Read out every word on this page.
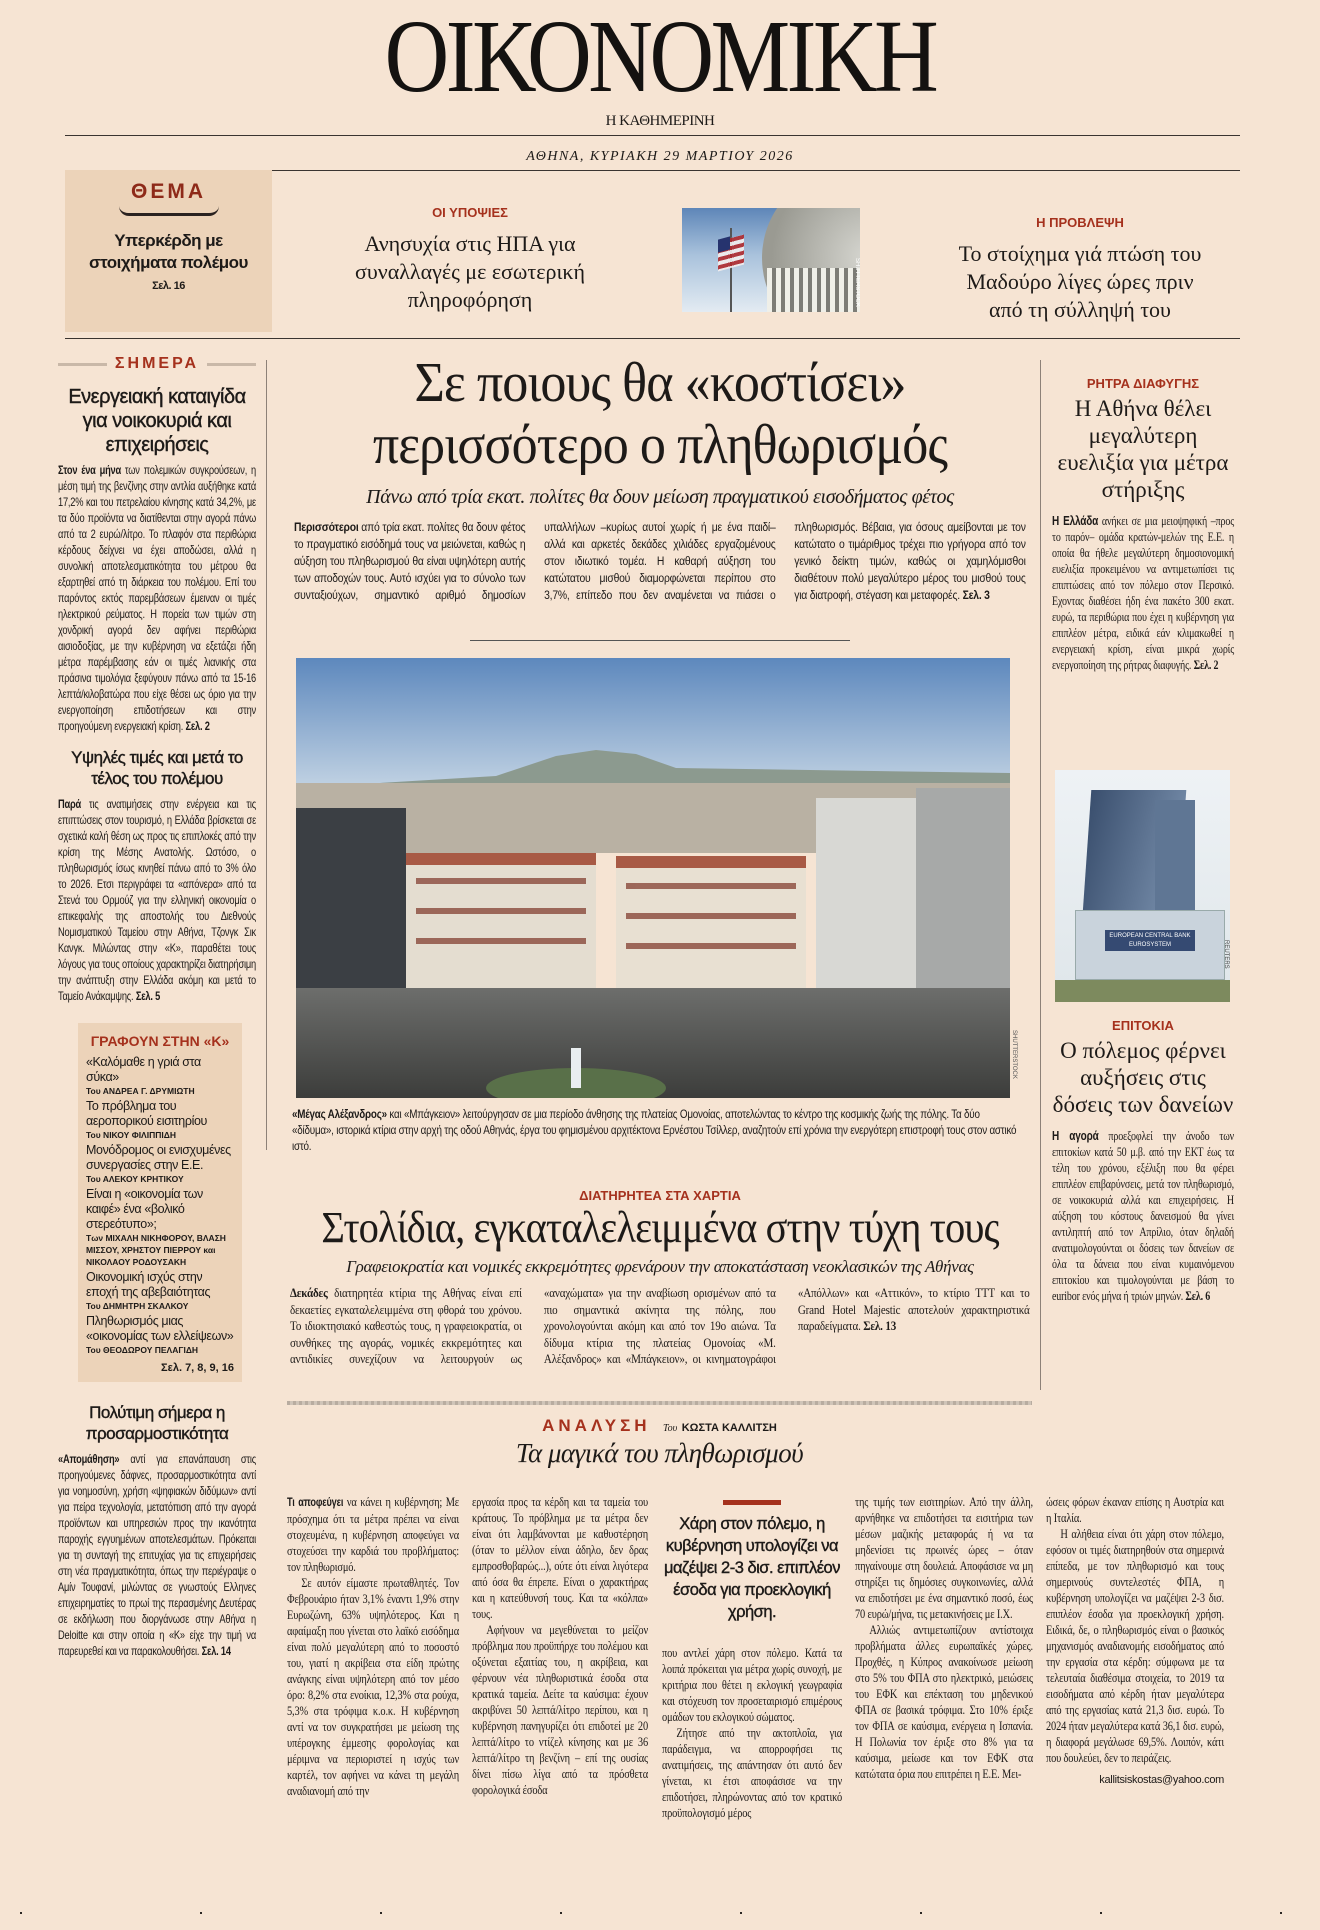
ΟΙΚΟΝΟΜΙΚΗ
Η ΚΑΘΗΜΕΡΙΝΗ
ΑΘΗΝΑ, ΚΥΡΙΑΚΗ 29 ΜΑΡΤΙΟΥ 2026
ΘΕΜΑ
Υπερκέρδη με στοιχήματα πολέμου
Σελ. 16
ΟΙ ΥΠΟΨΙΕΣ
Ανησυχία στις ΗΠΑ για συναλλαγές με εσωτερική πληροφόρηση	SHUTTERSTOCK
Η ΠΡΟΒΛΕΨΗ
Το στοίχημα γιά πτώση του Μαδούρο λίγες ώρες πριν από τη σύλληψή του
ΣΗΜΕΡΑ
Ενεργειακή καταιγίδα για νοικοκυριά και επιχειρήσεις
Στον ένα μήνα των πολεμικών συγκρούσεων, η μέση τιμή της βενζίνης στην αντλία αυξήθηκε κατά 17,2% και του πετρελαίου κίνησης κατά 34,2%, με τα δύο προϊόντα να διατίθενται στην αγορά πάνω από τα 2 ευρώ/λίτρο. Το πλαφόν στα περιθώρια κέρδους δείχνει να έχει αποδώσει, αλλά η συνολική αποτελεσματικότητα του μέτρου θα εξαρτηθεί από τη διάρκεια του πολέμου. Επί του παρόντος εκτός παρεμβάσεων έμειναν οι τιμές ηλεκτρικού ρεύματος. Η πορεία των τιμών στη χονδρική αγορά δεν αφήνει περιθώρια αισιοδοξίας, με την κυβέρνηση να εξετάζει ήδη μέτρα παρέμβασης εάν οι τιμές λιανικής στα πράσινα τιμολόγια ξεφύγουν πάνω από τα 15-16 λεπτά/κιλοβατώρα που είχε θέσει ως όριο για την ενεργοποίηση επιδοτήσεων και στην προηγούμενη ενεργειακή κρίση. Σελ. 2
Υψηλές τιμές και μετά το τέλος του πολέμου
Παρά τις ανατιμήσεις στην ενέργεια και τις επιπτώσεις στον τουρισμό, η Ελλάδα βρίσκεται σε σχετικά καλή θέση ως προς τις επιπλοκές από την κρίση της Μέσης Ανατολής. Ωστόσο, ο πληθωρισμός ίσως κινηθεί πάνω από το 3% όλο το 2026. Ετσι περιγράφει τα «απόνερα» από τα Στενά του Ορμούζ για την ελληνική οικονομία ο επικεφαλής της αποστολής του Διεθνούς Νομισματικού Ταμείου στην Αθήνα, Τζονγκ Σικ Κανγκ. Μιλώντας στην «Κ», παραθέτει τους λόγους για τους οποίους χαρακτηρίζει διατηρήσιμη την ανάπτυξη στην Ελλάδα ακόμη και μετά το Ταμείο Ανάκαμψης. Σελ. 5
ΓΡΑΦΟΥΝ ΣΤΗΝ «Κ»
«Καλόμαθε η γριά στα σύκα»
Του ΑΝΔΡΕΑ Γ. ΔΡΥΜΙΩΤΗ
Το πρόβλημα του αεροπορικού εισιτηρίου
Του ΝΙΚΟΥ ΦΙΛΙΠΠΙΔΗ
Μονόδρομος οι ενισχυμένες συνεργασίες στην Ε.Ε.
Του ΑΛΕΚΟΥ ΚΡΗΤΙΚΟΥ
Είναι η «οικονομία των καιφέ» ένα «βολικό στερεότυπο»;
Των ΜΙΧΑΛΗ ΝΙΚΗΦΟΡΟΥ, ΒΛΑΣΗ ΜΙΣΣΟΥ, ΧΡΗΣΤΟΥ ΠΙΕΡΡΟΥ και ΝΙΚΟΛΑΟΥ ΡΟΔΟΥΣΑΚΗ
Οικονομική ισχύς στην εποχή της αβεβαιότητας
Του ΔΗΜΗΤΡΗ ΣΚΑΛΚΟΥ
Πληθωρισμός μιας «οικονομίας των ελλείψεων»
Του ΘΕΟΔΩΡΟΥ ΠΕΛΑΓΙΔΗ
Σελ. 7, 8, 9, 16
Πολύτιμη σήμερα η προσαρμοστικότητα
«Απομάθηση» αντί για επανάπαυση στις προηγούμενες δάφνες, προσαρμοστικότητα αντί για νοημοσύνη, χρήση «ψηφιακών διδύμων» αντί για πείρα τεχνολογία, μετατόπιση από την αγορά προϊόντων και υπηρεσιών προς την ικανότητα παροχής εγγυημένων αποτελεσμάτων. Πρόκειται για τη συνταγή της επιτυχίας για τις επιχειρήσεις στη νέα πραγματικότητα, όπως την περιέγραψε ο Αμίν Τουφανί, μιλώντας σε γνωστούς Ελληνες επιχειρηματίες το πρωί της περασμένης Δευτέρας σε εκδήλωση που διοργάνωσε στην Αθήνα η Deloitte και στην οποία η «Κ» είχε την τιμή να παρευρεθεί και να παρακολουθήσει. Σελ. 14
Σε ποιους θα «κοστίσει»
περισσότερο ο πληθωρισμός
Πάνω από τρία εκατ. πολίτες θα δουν μείωση πραγματικού εισοδήματος φέτος
Περισσότεροι από τρία εκατ. πολίτες θα δουν φέτος το πραγματικό εισόδημά τους να μειώνεται, καθώς η αύξηση του πληθωρισμού θα είναι υψηλότερη αυτής των αποδοχών τους. Αυτό ισχύει για το σύνολο των συνταξιούχων, σημαντικό αριθμό δημοσίων υπαλλήλων –κυρίως αυτοί χωρίς ή με ένα παιδί– αλλά και αρκετές δεκάδες χιλιάδες εργαζομένους στον ιδιωτικό τομέα. Η καθαρή αύξηση του κατώτατου μισθού διαμορφώνεται περίπου στο 3,7%, επίπεδο που δεν αναμένεται να πιάσει ο πληθωρισμός. Βέβαια, για όσους αμείβονται με τον κατώτατο ο τιμάριθμος τρέχει πιο γρήγορα από τον γενικό δείκτη τιμών, καθώς οι χαμηλόμισθοι διαθέτουν πολύ μεγαλύτερο μέρος του μισθού τους για διατροφή, στέγαση και μεταφορές. Σελ. 3
SHUTTERSTOCK
«Μέγας Αλέξανδρος» και «Μπάγκειον» λειτούργησαν σε μια περίοδο άνθησης της πλατείας Ομονοίας, αποτελώντας το κέντρο της κοσμικής ζωής της πόλης. Τα δύο «δίδυμα», ιστορικά κτίρια στην αρχή της οδού Αθηνάς, έργα του φημισμένου αρχιτέκτονα Ερνέστου Τσίλλερ, αναζητούν επί χρόνια την ενεργότερη επιστροφή τους στον αστικό ιστό.
ΔΙΑΤΗΡΗΤΕΑ ΣΤΑ ΧΑΡΤΙΑ
Στολίδια, εγκαταλελειμμένα στην τύχη τους
Γραφειοκρατία και νομικές εκκρεμότητες φρενάρουν την αποκατάσταση νεοκλασικών της Αθήνας
Δεκάδες διατηρητέα κτίρια της Αθήνας είναι επί δεκαετίες εγκαταλελειμμένα στη φθορά του χρόνου. Το ιδιοκτησιακό καθεστώς τους, η γραφειοκρατία, οι συνθήκες της αγοράς, νομικές εκκρεμότητες και αντιδικίες συνεχίζουν να λειτουργούν ως «αναχώματα» για την αναβίωση ορισμένων από τα πιο σημαντικά ακίνητα της πόλης, που χρονολογούνται ακόμη και από τον 19ο αιώνα. Τα δίδυμα κτίρια της πλατείας Ομονοίας «Μ. Αλέξανδρος» και «Μπάγκειον», οι κινηματογράφοι «Απόλλων» και «Αττικόν», το κτίριο ΤΤΤ και το Grand Hotel Majestic αποτελούν χαρακτηριστικά παραδείγματα. Σελ. 13
ΡΗΤΡΑ ΔΙΑΦΥΓΗΣ
Η Αθήνα θέλει μεγαλύτερη ευελιξία για μέτρα στήριξης
Η Ελλάδα ανήκει σε μια μειοψηφική –προς το παρόν– ομάδα κρατών-μελών της Ε.Ε. η οποία θα ήθελε μεγαλύτερη δημοσιονομική ευελιξία προκειμένου να αντιμετωπίσει τις επιπτώσεις από τον πόλεμο στον Περσικό. Εχοντας διαθέσει ήδη ένα πακέτο 300 εκατ. ευρώ, τα περιθώρια που έχει η κυβέρνηση για επιπλέον μέτρα, ειδικά εάν κλιμακωθεί η ενεργειακή κρίση, είναι μικρά χωρίς ενεργοποίηση της ρήτρας διαφυγής. Σελ. 2
EUROPEAN CENTRAL BANK
EUROSYSTEM	REUTERS
ΕΠΙΤΟΚΙΑ
Ο πόλεμος φέρνει αυξήσεις στις δόσεις των δανείων
Η αγορά προεξοφλεί την άνοδο των επιτοκίων κατά 50 μ.β. από την ΕΚΤ έως τα τέλη του χρόνου, εξέλιξη που θα φέρει επιπλέον επιβαρύνσεις, μετά τον πληθωρισμό, σε νοικοκυριά αλλά και επιχειρήσεις. Η αύξηση του κόστους δανεισμού θα γίνει αντιληπτή από τον Απρίλιο, όταν δηλαδή ανατιμολογούνται οι δόσεις των δανείων σε όλα τα δάνεια που είναι κυμαινόμενου επιτοκίου και τιμολογούνται με βάση το euribor ενός μήνα ή τριών μηνών. Σελ. 6
ΑΝΑΛΥΣΗ Του ΚΩΣΤΑ ΚΑΛΛΙΤΣΗ
Τα μαγικά του πληθωρισμού

Τι αποφεύγει να κάνει η κυβέρνηση; Με πρόσχημα ότι τα μέτρα πρέπει να είναι στοχευμένα, η κυβέρνηση αποφεύγει να στοχεύσει την καρδιά του προβλήματος: τον πληθωρισμό.

Σε αυτόν είμαστε πρωταθλητές. Τον Φεβρουάριο ήταν 3,1% έναντι 1,9% στην Ευρωζώνη, 63% υψηλότερος. Και η αφαίμαξη που γίνεται στο λαϊκό εισόδημα είναι πολύ μεγαλύτερη από το ποσοστό του, γιατί η ακρίβεια στα είδη πρώτης ανάγκης είναι υψηλότερη από τον μέσο όρο: 8,2% στα ενοίκια, 12,3% στα ρούχα, 5,3% στα τρόφιμα κ.ο.κ. Η κυβέρνηση αντί να τον συγκρατήσει με μείωση της υπέρογκης έμμεσης φορολογίας και μέριμνα να περιοριστεί η ισχύς των καρτέλ, τον αφήνει να κάνει τη μεγάλη αναδιανομή από την

εργασία προς τα κέρδη και τα ταμεία του κράτους. Το πρόβλημα με τα μέτρα δεν είναι ότι λαμβάνονται με καθυστέρηση (όταν το μέλλον είναι άδηλο, δεν δρας εμπροσθοβαρώς...), ούτε ότι είναι λιγότερα από όσα θα έπρεπε. Είναι ο χαρακτήρας και η κατεύθυνσή τους. Και τα «κόλπα» τους.

Αφήνουν να μεγεθύνεται το μείζον πρόβλημα που προϋπήρχε του πολέμου και οξύνεται εξαιτίας του, η ακρίβεια, και φέρνουν νέα πληθωριστικά έσοδα στα κρατικά ταμεία. Δείτε τα καύσιμα: έχουν ακριβύνει 50 λεπτά/λίτρο περίπου, και η κυβέρνηση πανηγυρίζει ότι επιδοτεί με 20 λεπτά/λίτρο το ντίζελ κίνησης και με 36 λεπτά/λίτρο τη βενζίνη – επί της ουσίας δίνει πίσω λίγα από τα πρόσθετα φορολογικά έσοδα

Χάρη στον πόλεμο, η κυβέρνηση υπολογίζει να μαζέψει 2-3 δισ. επιπλέον έσοδα για προεκλογική χρήση.

που αντλεί χάρη στον πόλεμο. Κατά τα λοιπά πρόκειται για μέτρα χωρίς συνοχή, με κριτήρια που θέτει η εκλογική γεωγραφία και στόχευση τον προσεταιρισμό επιμέρους ομάδων του εκλογικού σώματος.

Ζήτησε από την ακτοπλοΐα, για παράδειγμα, να απορροφήσει τις ανατιμήσεις, της απάντησαν ότι αυτό δεν γίνεται, κι έτσι αποφάσισε να την επιδοτήσει, πληρώνοντας από τον κρατικό προϋπολογισμό μέρος

της τιμής των εισιτηρίων. Από την άλλη, αρνήθηκε να επιδοτήσει τα εισιτήρια των μέσων μαζικής μεταφοράς ή να τα μηδενίσει τις πρωινές ώρες – όταν πηγαίνουμε στη δουλειά. Αποφάσισε να μη στηρίξει τις δημόσιες συγκοινωνίες, αλλά να επιδοτήσει με ένα σημαντικό ποσό, έως 70 ευρώ/μήνα, τις μετακινήσεις με Ι.Χ.

Αλλιώς αντιμετωπίζουν αντίστοιχα προβλήματα άλλες ευρωπαϊκές χώρες. Προχθές, η Κύπρος ανακοίνωσε μείωση στο 5% του ΦΠΑ στο ηλεκτρικό, μειώσεις του ΕΦΚ και επέκταση του μηδενικού ΦΠΑ σε βασικά τρόφιμα. Στο 10% έριξε τον ΦΠΑ σε καύσιμα, ενέργεια η Ισπανία. Η Πολωνία τον έριξε στο 8% για τα καύσιμα, μείωσε και τον ΕΦΚ στα κατώτατα όρια που επιτρέπει η Ε.Ε. Μει-

ώσεις φόρων έκαναν επίσης η Αυστρία και η Ιταλία.

Η αλήθεια είναι ότι χάρη στον πόλεμο, εφόσον οι τιμές διατηρηθούν στα σημερινά επίπεδα, με τον πληθωρισμό και τους σημερινούς συντελεστές ΦΠΑ, η κυβέρνηση υπολογίζει να μαζέψει 2-3 δισ. επιπλέον έσοδα για προεκλογική χρήση. Ειδικά, δε, ο πληθωρισμός είναι ο βασικός μηχανισμός αναδιανομής εισοδήματος από την εργασία στα κέρδη: σύμφωνα με τα τελευταία διαθέσιμα στοιχεία, το 2019 τα εισοδήματα από κέρδη ήταν μεγαλύτερα από της εργασίας κατά 21,3 δισ. ευρώ. Το 2024 ήταν μεγαλύτερα κατά 36,1 δισ. ευρώ, η διαφορά μεγάλωσε 69,5%. Λοιπόν, κάτι που δουλεύει, δεν το πειράζεις.

kallitsiskostas@yahoo.com
